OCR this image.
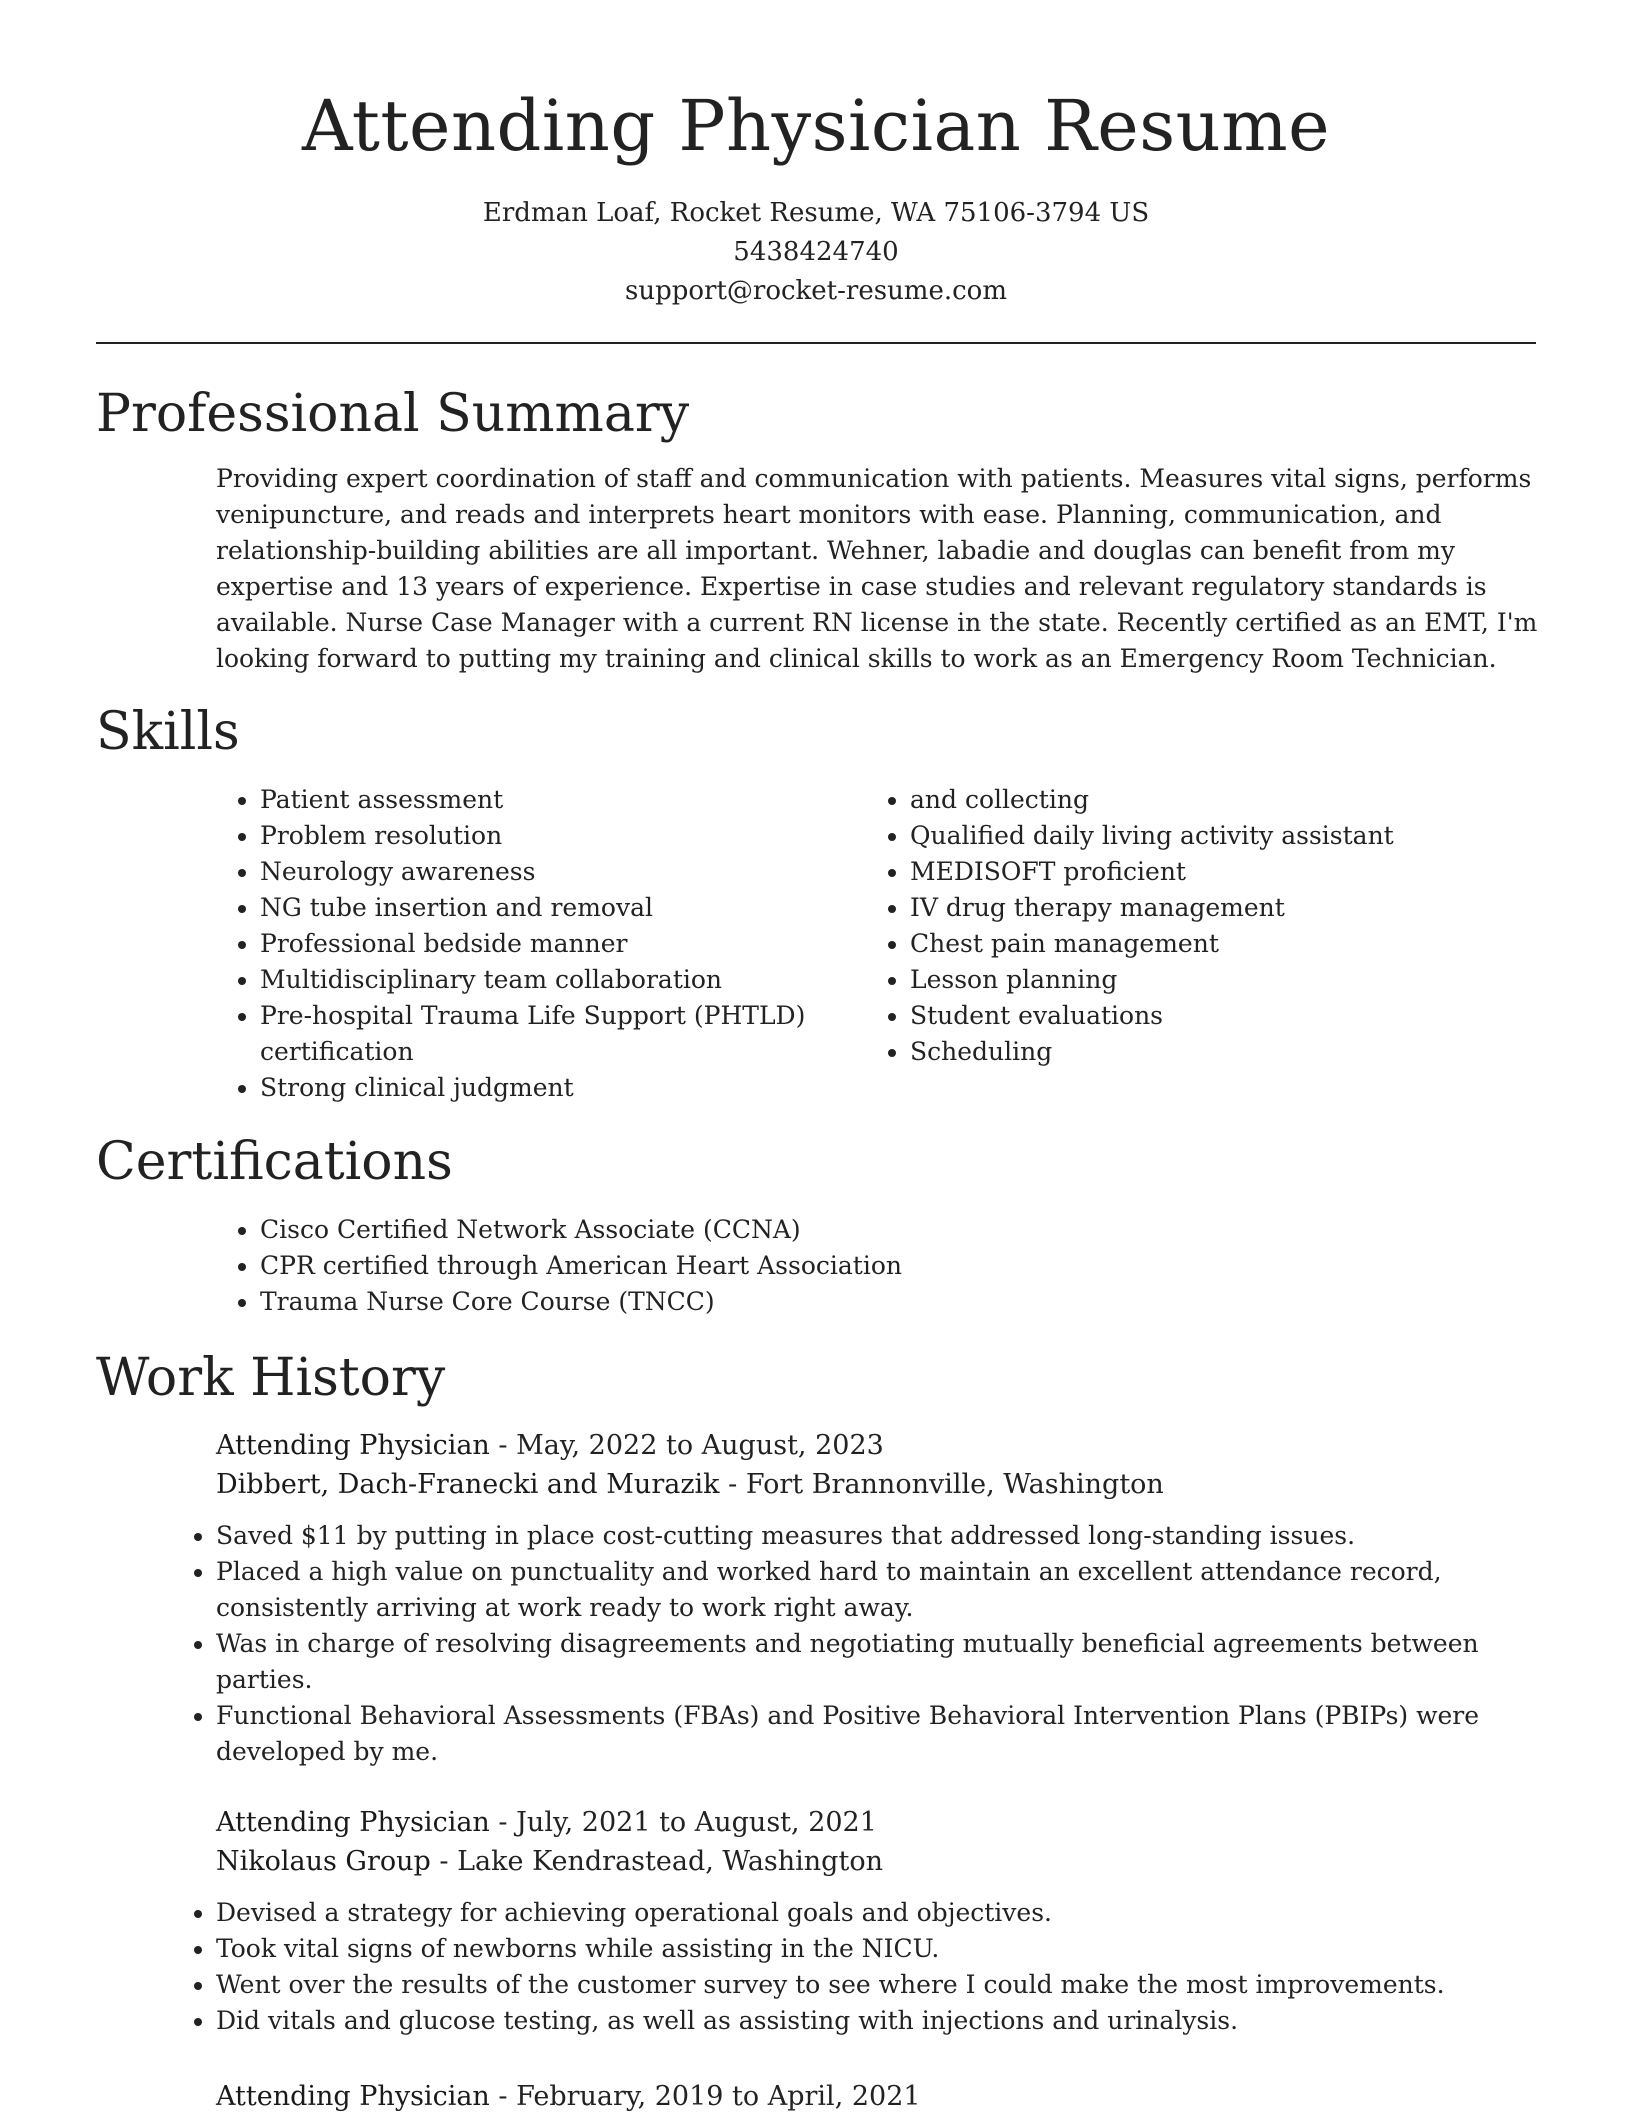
Attending Physician Resume
Erdman Loaf, Rocket Resume, WA 75106-3794 US
5438424740
support@rocket-resume.com
Professional Summary

Providing expert coordination of staff and communication with patients. Measures vital signs, performs venipuncture, and reads and interprets heart monitors with ease. Planning, communication, and relationship-building abilities are all important. Wehner, labadie and douglas can benefit from my expertise and 13 years of experience. Expertise in case studies and relevant regulatory standards is available. Nurse Case Manager with a current RN license in the state. Recently certified as an EMT, I'm looking forward to putting my training and clinical skills to work as an Emergency Room Technician.

Skills
• Patient assessment
• Problem resolution
• Neurology awareness
• NG tube insertion and removal
• Professional bedside manner
• Multidisciplinary team collaboration
• Pre-hospital Trauma Life Support (PHTLD) certification
• Strong clinical judgment
• and collecting
• Qualified daily living activity assistant
• MEDISOFT proficient
• IV drug therapy management
• Chest pain management
• Lesson planning
• Student evaluations
• Scheduling
Certifications
• Cisco Certified Network Associate (CCNA)
• CPR certified through American Heart Association
• Trauma Nurse Core Course (TNCC)
Work History
Attending Physician - May, 2022 to August, 2023
Dibbert, Dach-Franecki and Murazik - Fort Brannonville, Washington
• Saved $11 by putting in place cost-cutting measures that addressed long-standing issues.
• Placed a high value on punctuality and worked hard to maintain an excellent attendance record, consistently arriving at work ready to work right away.
• Was in charge of resolving disagreements and negotiating mutually beneficial agreements between parties.
• Functional Behavioral Assessments (FBAs) and Positive Behavioral Intervention Plans (PBIPs) were developed by me.
Attending Physician - July, 2021 to August, 2021
Nikolaus Group - Lake Kendrastead, Washington
• Devised a strategy for achieving operational goals and objectives.
• Took vital signs of newborns while assisting in the NICU.
• Went over the results of the customer survey to see where I could make the most improvements.
• Did vitals and glucose testing, as well as assisting with injections and urinalysis.
Attending Physician - February, 2019 to April, 2021
